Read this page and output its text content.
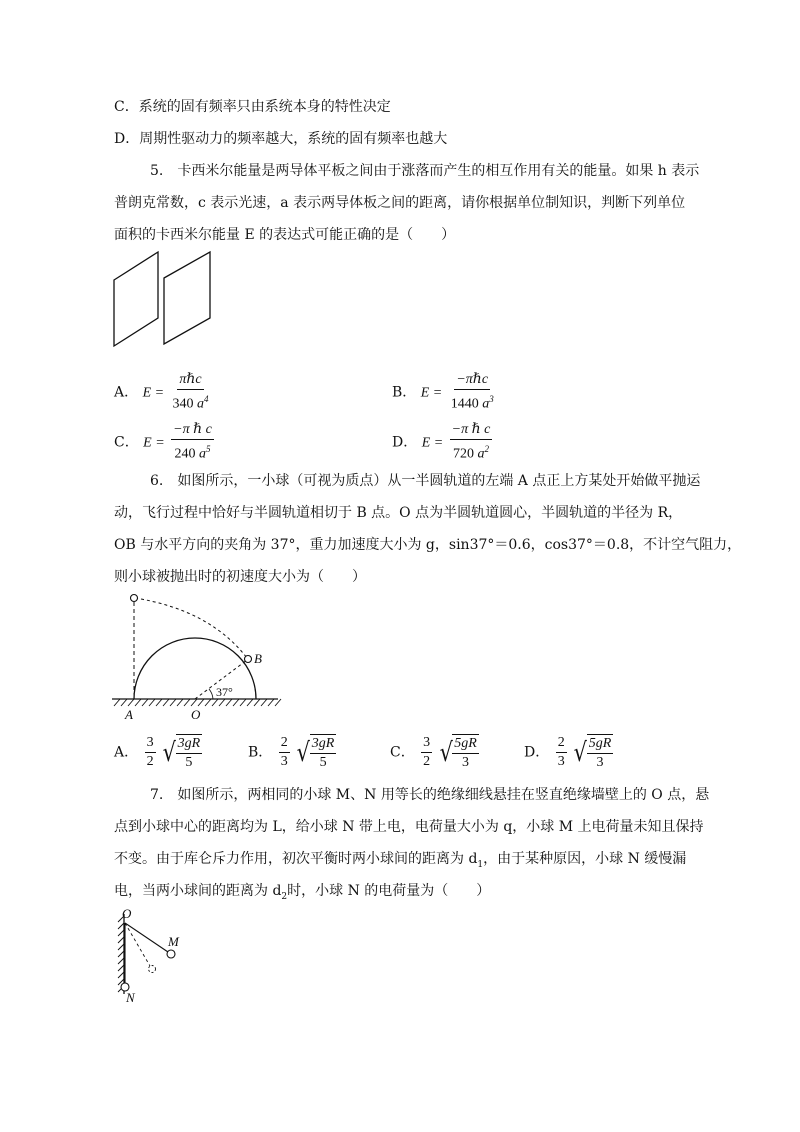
C．系统的固有频率只由系统本身的特性决定
D．周期性驱动力的频率越大，系统的固有频率也越大
5.　卡西米尔能量是两导体平板之间由于涨落而产生的相互作用有关的能量。如果 h 表示
普朗克常数，c 表示光速，a 表示两导体板之间的距离，请你根据单位制知识，判断下列单位
面积的卡西米尔能量 E 的表达式可能正确的是（　　）
A． $E = \frac{\text{πℏc}}{340 a^4}$	B． $E = \frac{\text{−πℏc}}{1440 a^3}$
C． $E = \frac{\text{−π ℏ c}}{240 a^5}$	D． $E = \frac{\text{−π ℏ c}}{720 a^2}$
6.　如图所示，一小球（可视为质点）从一半圆轨道的左端 A 点正上方某处开始做平抛运
动，飞行过程中恰好与半圆轨道相切于 B 点。O 点为半圆轨道圆心，半圆轨道的半径为 R，
OB 与水平方向的夹角为 37°，重力加速度大小为 g，sin37°＝0.6，cos37°＝0.8，不计空气阻力，
则小球被抛出时的初速度大小为（　　）
B
37°
A	O
A． $\frac{3}{2}$
√ $\frac{3gR}{5}$	B． $\frac{2}{3}$
√ $\frac{3gR}{5}$	C． $\frac{3}{2}$
√ $\frac{5gR}{3}$	D． $\frac{2}{3}$
√ $\frac{5gR}{3}$
7.　如图所示，两相同的小球 M、N 用等长的绝缘细线悬挂在竖直绝缘墙壁上的 O 点，悬
点到小球中心的距离均为 L，给小球 N 带上电，电荷量大小为 q，小球 M 上电荷量未知且保持
不变。由于库仑斥力作用，初次平衡时两小球间的距离为 $d_1$，由于某种原因，小球 N 缓慢漏
电，当两小球间的距离为 $d_2$时，小球 N 的电荷量为（　　）
O
M
N
